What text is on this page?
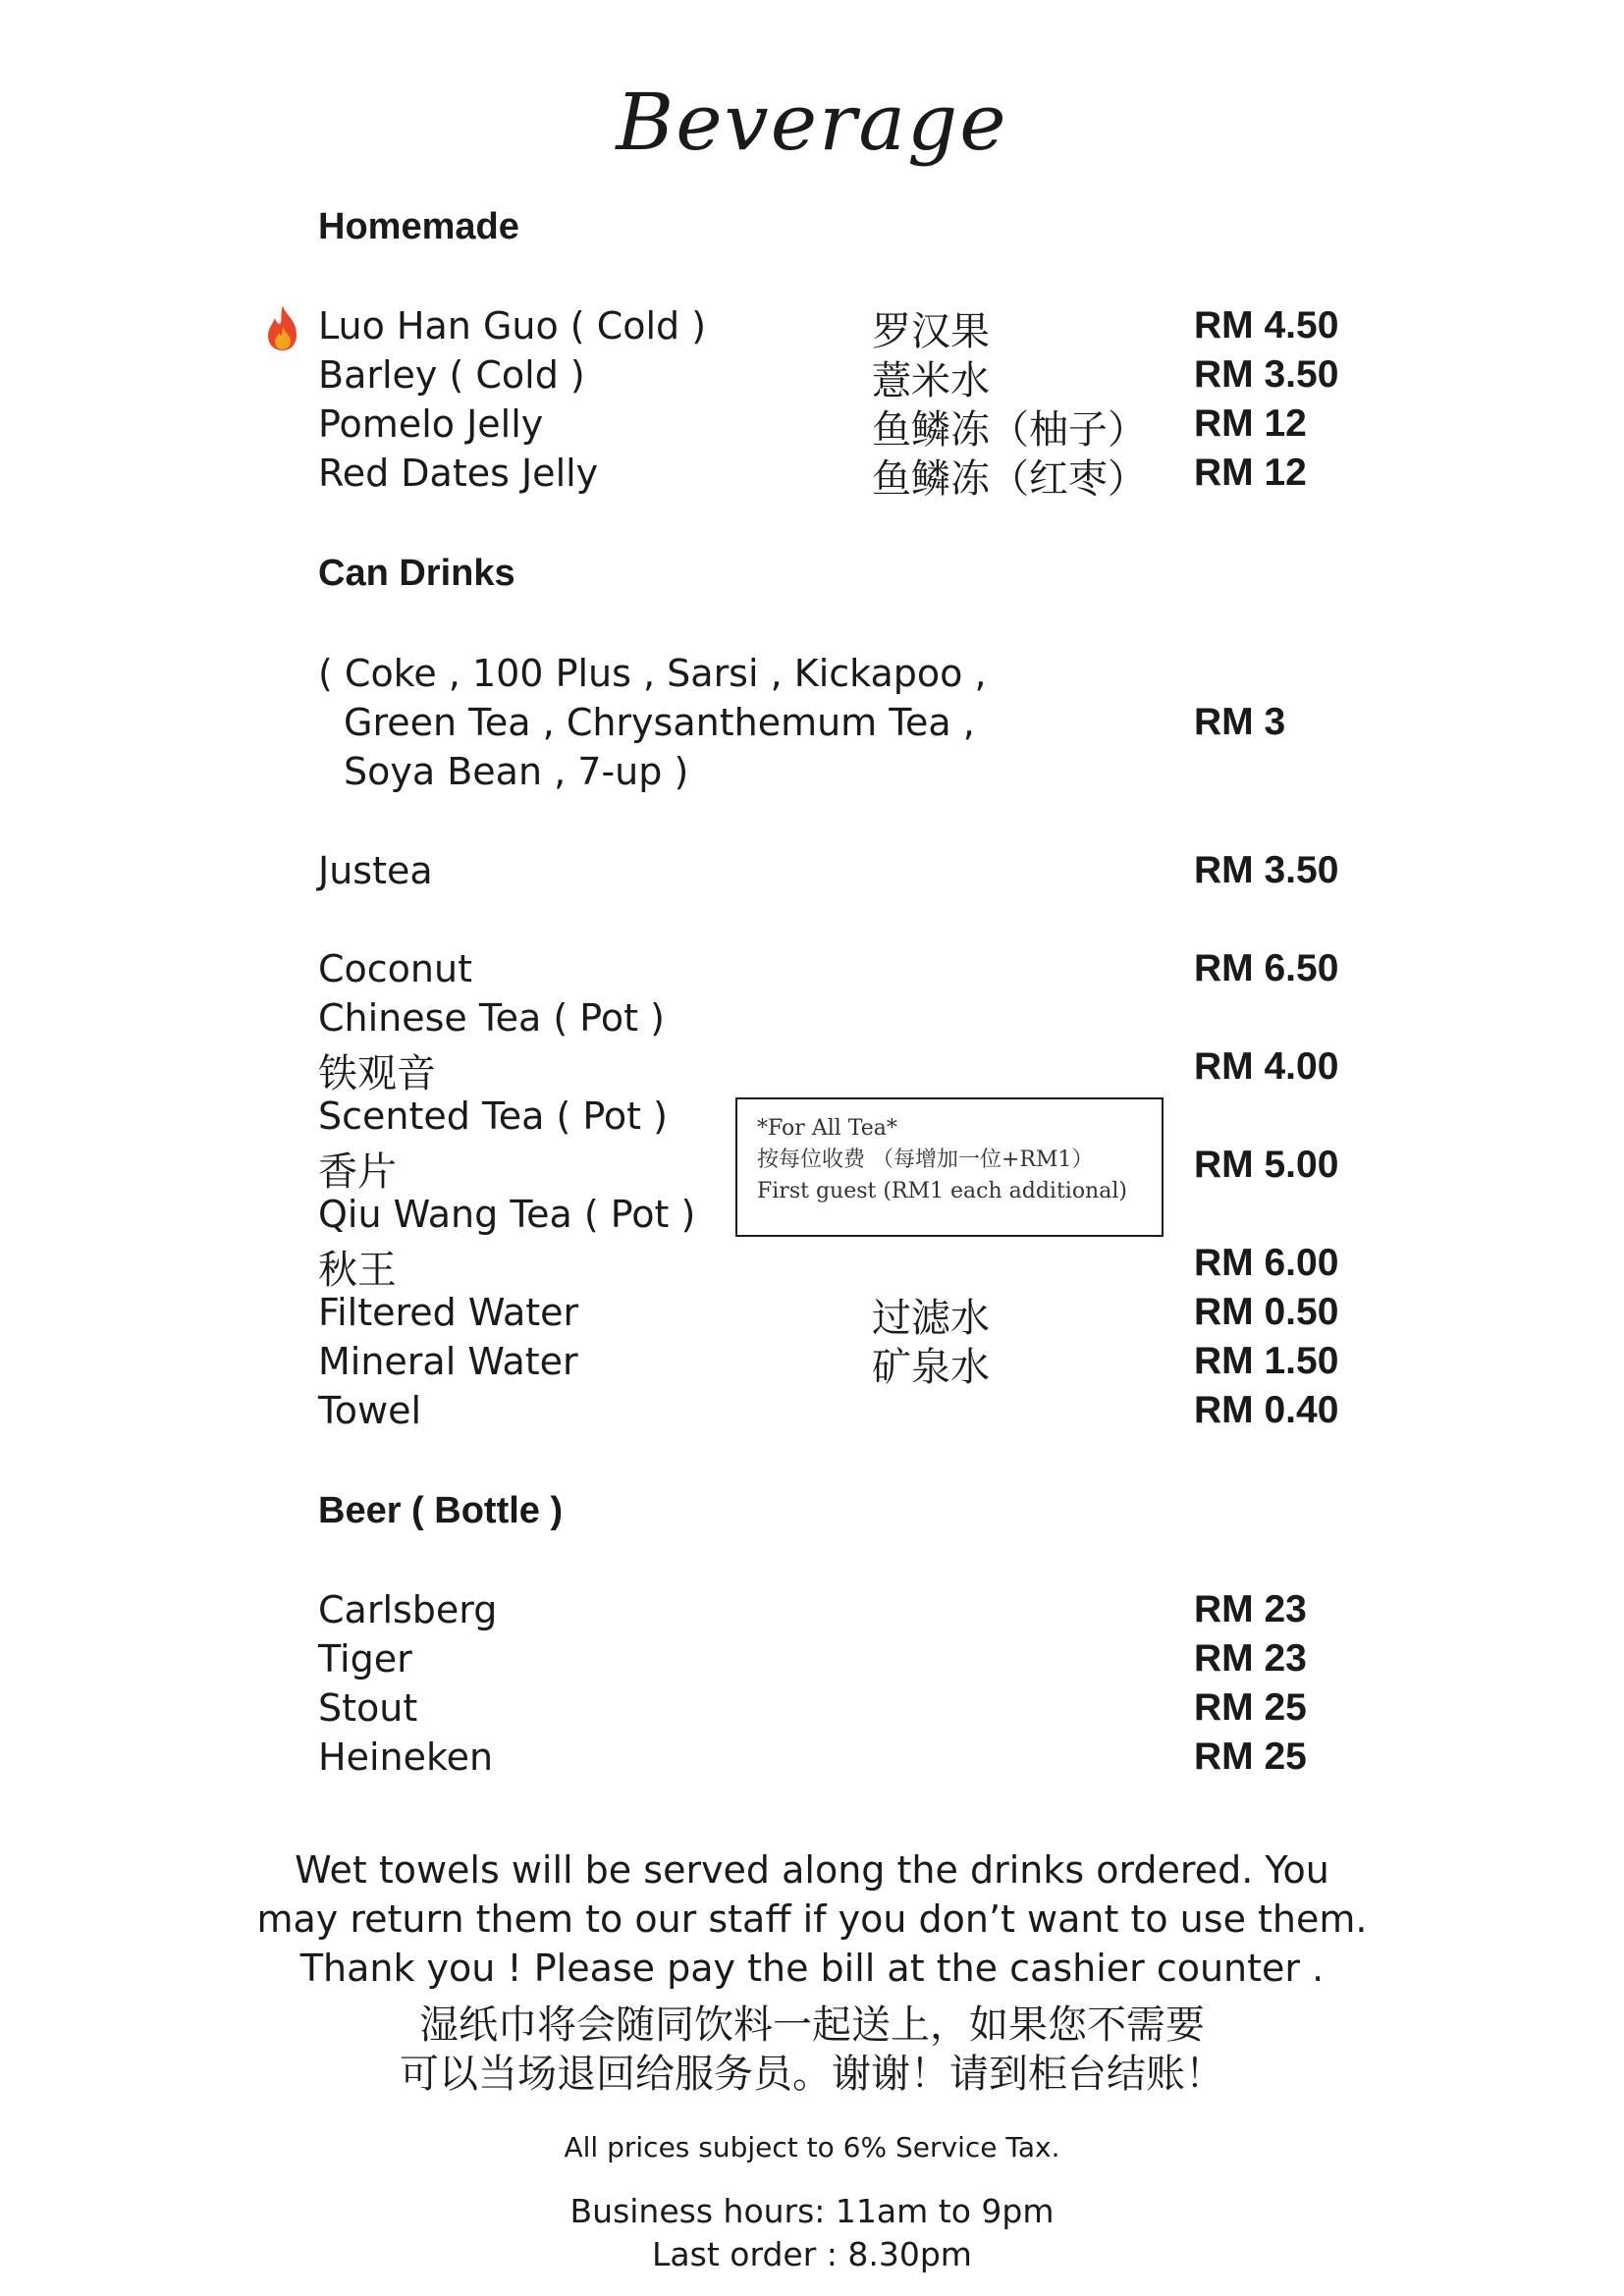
Beverage
Homemade
Luo Han Guo ( Cold )	罗汉果	RM 4.50
Barley ( Cold )	薏米水	RM 3.50
Pomelo Jelly	鱼鳞冻（柚子） RM 12
Red Dates Jelly	鱼鳞冻（红枣） RM 12
Can Drinks
( Coke , 100 Plus , Sarsi , Kickapoo ,
Green Tea , Chrysanthemum Tea ,
Soya Bean , 7-up )
RM 3
Justea	RM 3.50
Coconut	RM 6.50
Chinese Tea ( Pot )
铁观音	RM 4.00
Scented Tea ( Pot )
香片	RM 5.00
Qiu Wang Tea ( Pot )
秋王	RM 6.00
Filtered Water	过滤水	RM 0.50
Mineral Water	矿泉水	RM 1.50
Towel	RM 0.40
*For All Tea*
按每位收费 （每增加一位+RM1）
First guest (RM1 each additional)
Beer ( Bottle )
Carlsberg	RM 23
Tiger	RM 23
Stout	RM 25
Heineken	RM 25
Wet towels will be served along the drinks ordered. You
may return them to our staff if you don’t want to use them.
Thank you ! Please pay the bill at the cashier counter .
湿纸巾将会随同饮料一起送上，如果您不需要
可以当场退回给服务员。谢谢！请到柜台结账！
All prices subject to 6% Service Tax.
Business hours: 11am to 9pm
Last order : 8.30pm
